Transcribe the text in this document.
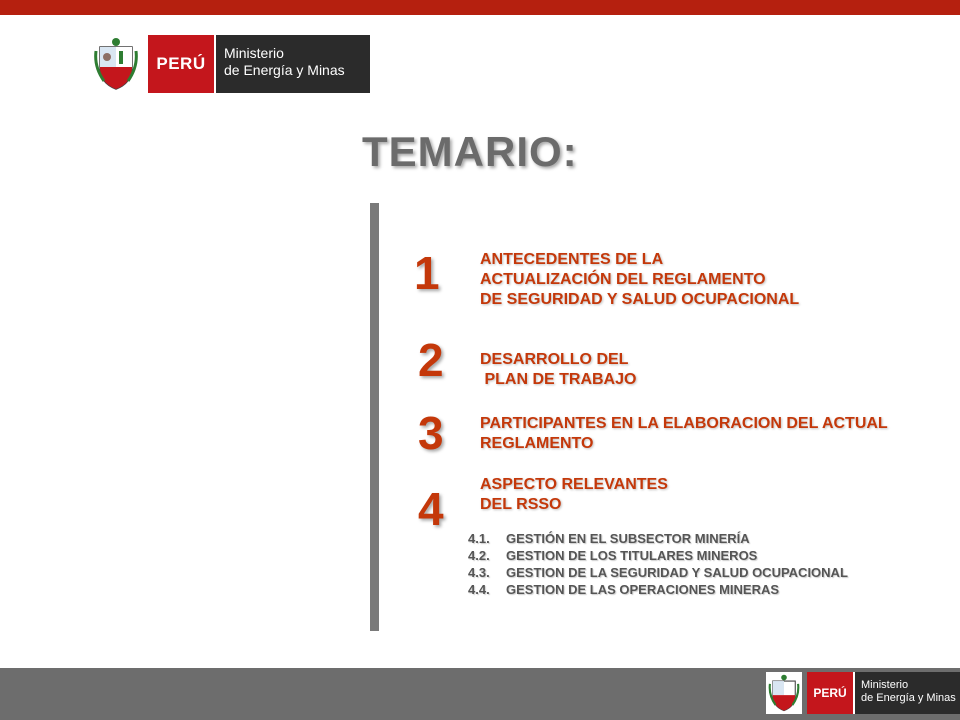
PERÚ
Ministerio
de Energía y Minas
TEMARIO:
1	ANTECEDENTES DE LA
ACTUALIZACIÓN DEL REGLAMENTO
DE SEGURIDAD Y SALUD OCUPACIONAL
2 DESARROLLO DEL
PLAN DE TRABAJO
3 PARTICIPANTES EN LA ELABORACION DEL ACTUAL
REGLAMENTO
4 ASPECTO RELEVANTES
DEL RSSO
4.1.	GESTIÓN EN EL SUBSECTOR MINERÍA
4.2.	GESTION DE LOS TITULARES MINEROS
4.3.	GESTION DE LA SEGURIDAD Y SALUD OCUPACIONAL
4.4.	GESTION DE LAS OPERACIONES MINERAS
PERÚ
Ministerio
de Energía y Minas
